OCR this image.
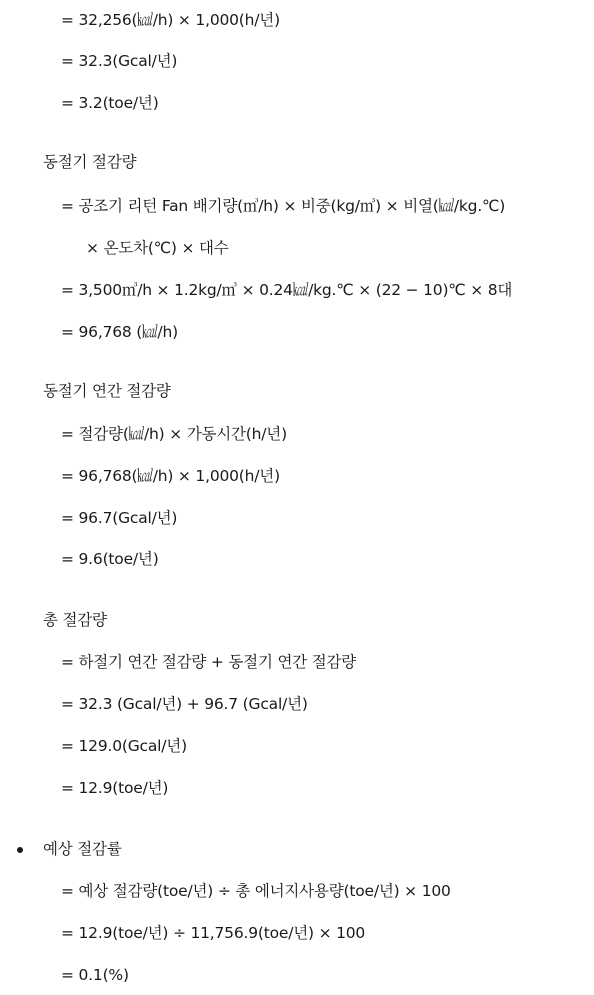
= 32,256(㎉/h) × 1,000(h/년)
= 32.3(Gcal/년)
= 3.2(toe/년)
동절기 절감량
= 공조기 리턴 Fan 배기량(㎥/h) × 비중(kg/㎥) × 비열(㎉/kg.℃)
× 온도차(℃) × 대수
= 3,500㎥/h × 1.2kg/㎥ × 0.24㎉/kg.℃ × (22 − 10)℃ × 8대
= 96,768 (㎉/h)
동절기 연간 절감량
= 절감량(㎉/h) × 가동시간(h/년)
= 96,768(㎉/h) × 1,000(h/년)
= 96.7(Gcal/년)
= 9.6(toe/년)
총 절감량
= 하절기 연간 절감량 + 동절기 연간 절감량
= 32.3 (Gcal/년) + 96.7 (Gcal/년)
= 129.0(Gcal/년)
= 12.9(toe/년)
예상 절감률
= 예상 절감량(toe/년) ÷ 총 에너지사용량(toe/년) × 100
= 12.9(toe/년) ÷ 11,756.9(toe/년) × 100
= 0.1(%)
